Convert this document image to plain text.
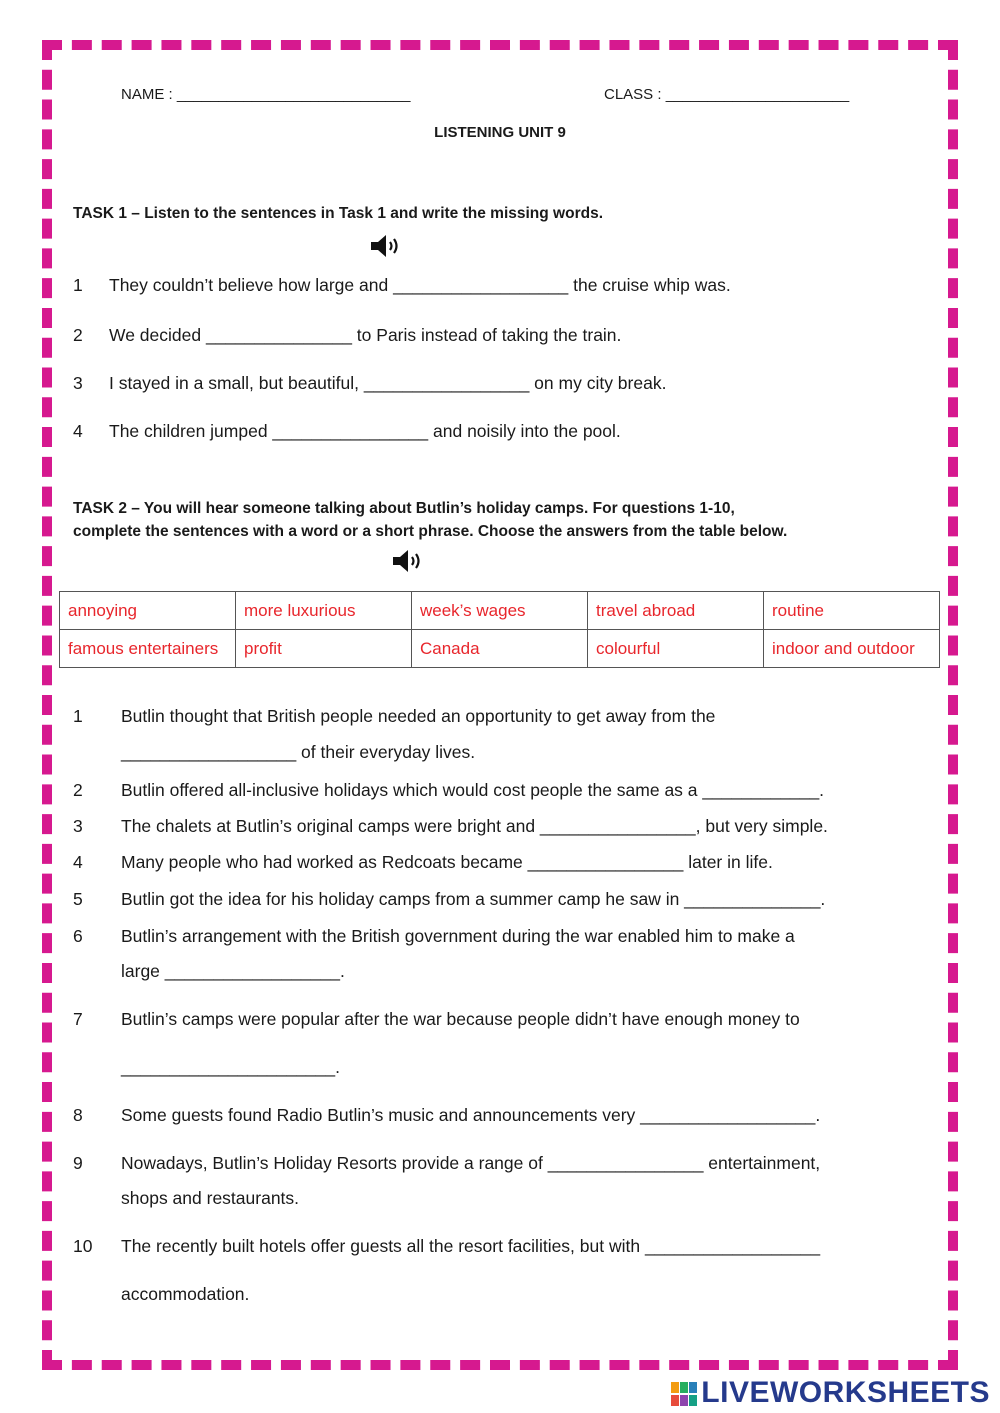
NAME : ____________________________	CLASS : ______________________
LISTENING UNIT 9
TASK 1 – Listen to the sentences in Task 1 and write the missing words.
1 They couldn’t believe how large and __________________ the cruise whip was.
2 We decided _______________ to Paris instead of taking the train.
3 I stayed in a small, but beautiful, _________________ on my city break.
4 The children jumped ________________ and noisily into the pool.
TASK 2 – You will hear someone talking about Butlin’s holiday camps. For questions 1-10,
complete the sentences with a word or a short phrase. Choose the answers from the table below.
annoying	more luxurious	week’s wages	travel abroad	routine
famous entertainers	profit	Canada	colourful	indoor and outdoor
1 Butlin thought that British people needed an opportunity to get away from the
__________________ of their everyday lives.
2 Butlin offered all-inclusive holidays which would cost people the same as a ____________.
3 The chalets at Butlin’s original camps were bright and ________________, but very simple.
4 Many people who had worked as Redcoats became ________________ later in life.
5 Butlin got the idea for his holiday camps from a summer camp he saw in ______________.
6 Butlin’s arrangement with the British government during the war enabled him to make a
large __________________.
7 Butlin’s camps were popular after the war because people didn’t have enough money to
______________________.
8 Some guests found Radio Butlin’s music and announcements very __________________.
9 Nowadays, Butlin’s Holiday Resorts provide a range of ________________ entertainment,
shops and restaurants.
10 The recently built hotels offer guests all the resort facilities, but with __________________
accommodation.
LIVEWORKSHEETS
